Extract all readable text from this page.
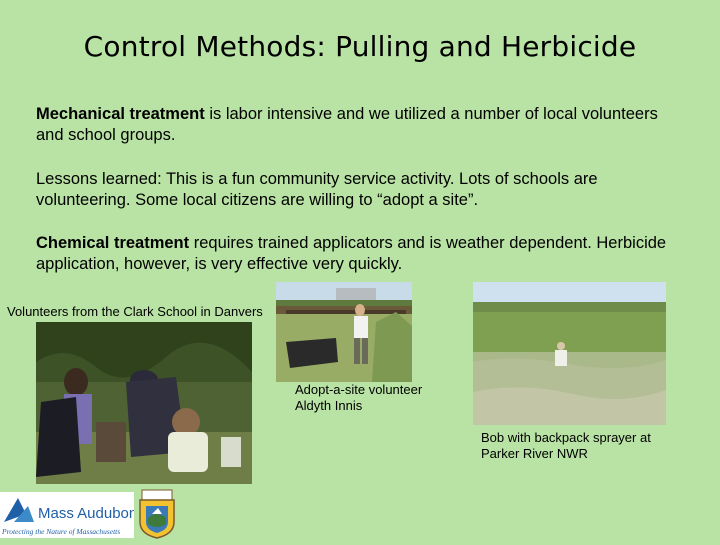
Control Methods: Pulling and Herbicide
Mechanical treatment is labor intensive and we utilized a number of local volunteers and school groups.
Lessons learned: This is a fun community service activity. Lots of schools are volunteering. Some local citizens are willing to “adopt a site”.
Chemical treatment requires trained applicators and is weather dependent. Herbicide application, however, is very effective very quickly.
Volunteers from the Clark School in Danvers
Adopt-a-site volunteer
Aldyth Innis
Bob with backpack sprayer at
Parker River NWR
Mass Audubon
Protecting the Nature of Massachusetts
